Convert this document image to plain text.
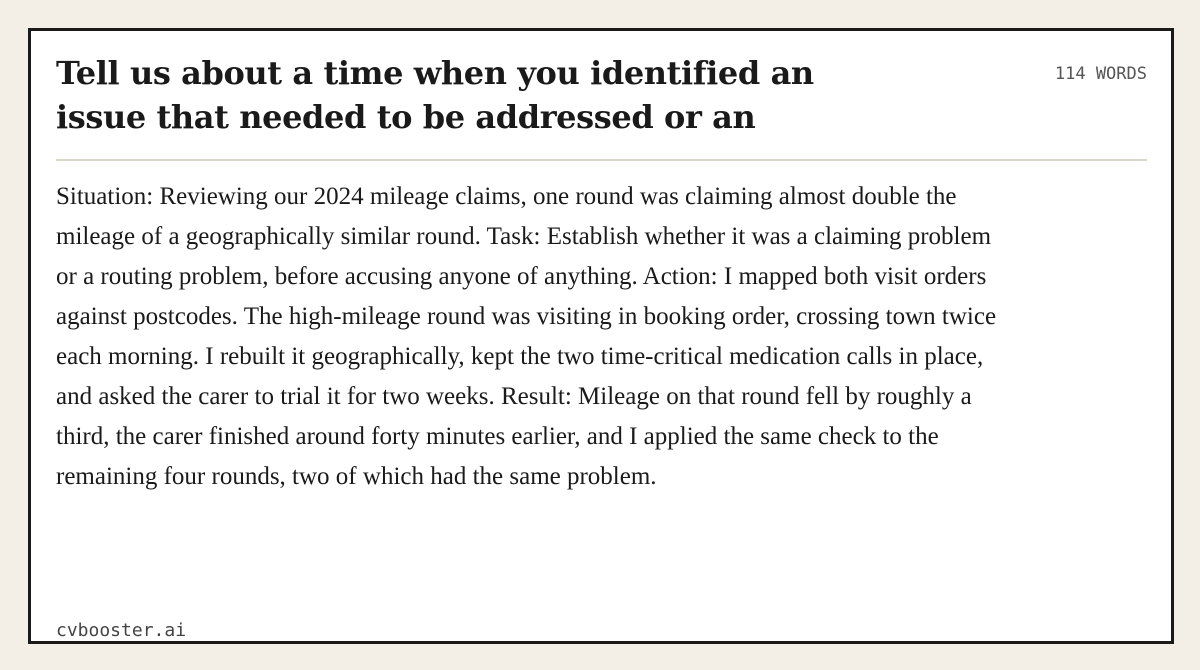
Tell us about a time when you identified an issue that needed to be addressed or an
114 WORDS

Situation: Reviewing our 2024 mileage claims, one round was claiming almost double the mileage of a geographically similar round. Task: Establish whether it was a claiming problem or a routing problem, before accusing anyone of anything. Action: I mapped both visit orders against postcodes. The high-mileage round was visiting in booking order, crossing town twice each morning. I rebuilt it geographically, kept the two time-critical medication calls in place, and asked the carer to trial it for two weeks. Result: Mileage on that round fell by roughly a third, the carer finished around forty minutes earlier, and I applied the same check to the remaining four rounds, two of which had the same problem.

cvbooster.ai
